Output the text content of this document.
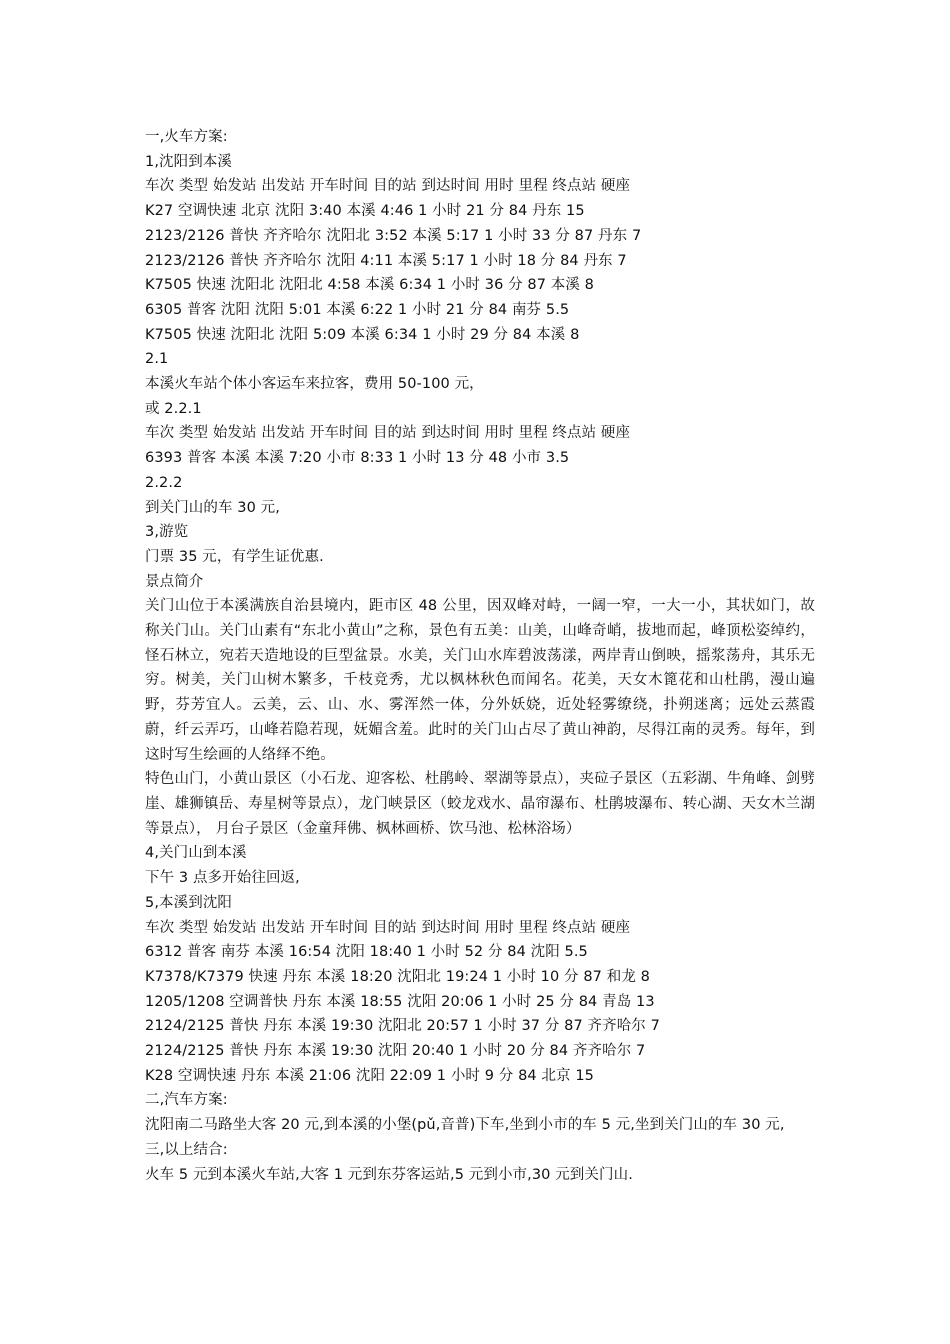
一,火车方案:
1,沈阳到本溪
车次 类型 始发站 出发站 开车时间 目的站 到达时间 用时 里程 终点站 硬座
K27 空调快速 北京 沈阳 3:40 本溪 4:46 1 小时 21 分 84 丹东 15
2123/2126 普快 齐齐哈尔 沈阳北 3:52 本溪 5:17 1 小时 33 分 87 丹东 7
2123/2126 普快 齐齐哈尔 沈阳 4:11 本溪 5:17 1 小时 18 分 84 丹东 7
K7505 快速 沈阳北 沈阳北 4:58 本溪 6:34 1 小时 36 分 87 本溪 8
6305 普客 沈阳 沈阳 5:01 本溪 6:22 1 小时 21 分 84 南芬 5.5
K7505 快速 沈阳北 沈阳 5:09 本溪 6:34 1 小时 29 分 84 本溪 8
2.1
本溪火车站个体小客运车来拉客，费用 50-100 元，
或 2.2.1
车次 类型 始发站 出发站 开车时间 目的站 到达时间 用时 里程 终点站 硬座
6393 普客 本溪 本溪 7:20 小市 8:33 1 小时 13 分 48 小市 3.5
2.2.2
到关门山的车 30 元,
3,游览
门票 35 元，有学生证优惠.
景点简介
关门山位于本溪满族自治县境内，距市区 48 公里，因双峰对峙，一阔一窄，一大一小，其状如门，故称关门山。关门山素有“东北小黄山”之称，景色有五美：山美，山峰奇峭，拔地而起，峰顶松姿绰约，怪石林立，宛若天造地设的巨型盆景。水美，关门山水库碧波荡漾，两岸青山倒映，摇浆荡舟，其乐无穷。树美，关门山树木繁多，千枝竞秀，尤以枫林秋色而闻名。花美，天女木篦花和山杜鹃，漫山遍野，芬芳宜人。云美，云、山、水、雾浑然一体，分外妖娆，近处轻雾缭绕，扑朔迷离；远处云蒸霞蔚，纤云弄巧，山峰若隐若现，妩媚含羞。此时的关门山占尽了黄山神韵，尽得江南的灵秀。每年，到这时写生绘画的人络绎不绝。
特色山门，小黄山景区（小石龙、迎客松、杜鹃岭、翠湖等景点），夹砬子景区（五彩湖、牛角峰、剑劈崖、雄狮镇岳、寿星树等景点），龙门峡景区（蛟龙戏水、晶帘瀑布、杜鹃坡瀑布、转心湖、天女木兰湖等景点）， 月台子景区（金童拜佛、枫林画桥、饮马池、松林浴场）
4,关门山到本溪
下午 3 点多开始往回返,
5,本溪到沈阳
车次 类型 始发站 出发站 开车时间 目的站 到达时间 用时 里程 终点站 硬座
6312 普客 南芬 本溪 16:54 沈阳 18:40 1 小时 52 分 84 沈阳 5.5
K7378/K7379 快速 丹东 本溪 18:20 沈阳北 19:24 1 小时 10 分 87 和龙 8
1205/1208 空调普快 丹东 本溪 18:55 沈阳 20:06 1 小时 25 分 84 青岛 13
2124/2125 普快 丹东 本溪 19:30 沈阳北 20:57 1 小时 37 分 87 齐齐哈尔 7
2124/2125 普快 丹东 本溪 19:30 沈阳 20:40 1 小时 20 分 84 齐齐哈尔 7
K28 空调快速 丹东 本溪 21:06 沈阳 22:09 1 小时 9 分 84 北京 15
二,汽车方案:
沈阳南二马路坐大客 20 元,到本溪的小堡(pǔ,音普)下车,坐到小市的车 5 元,坐到关门山的车 30 元,
三,以上结合:
火车 5 元到本溪火车站,大客 1 元到东芬客运站,5 元到小市,30 元到关门山.
